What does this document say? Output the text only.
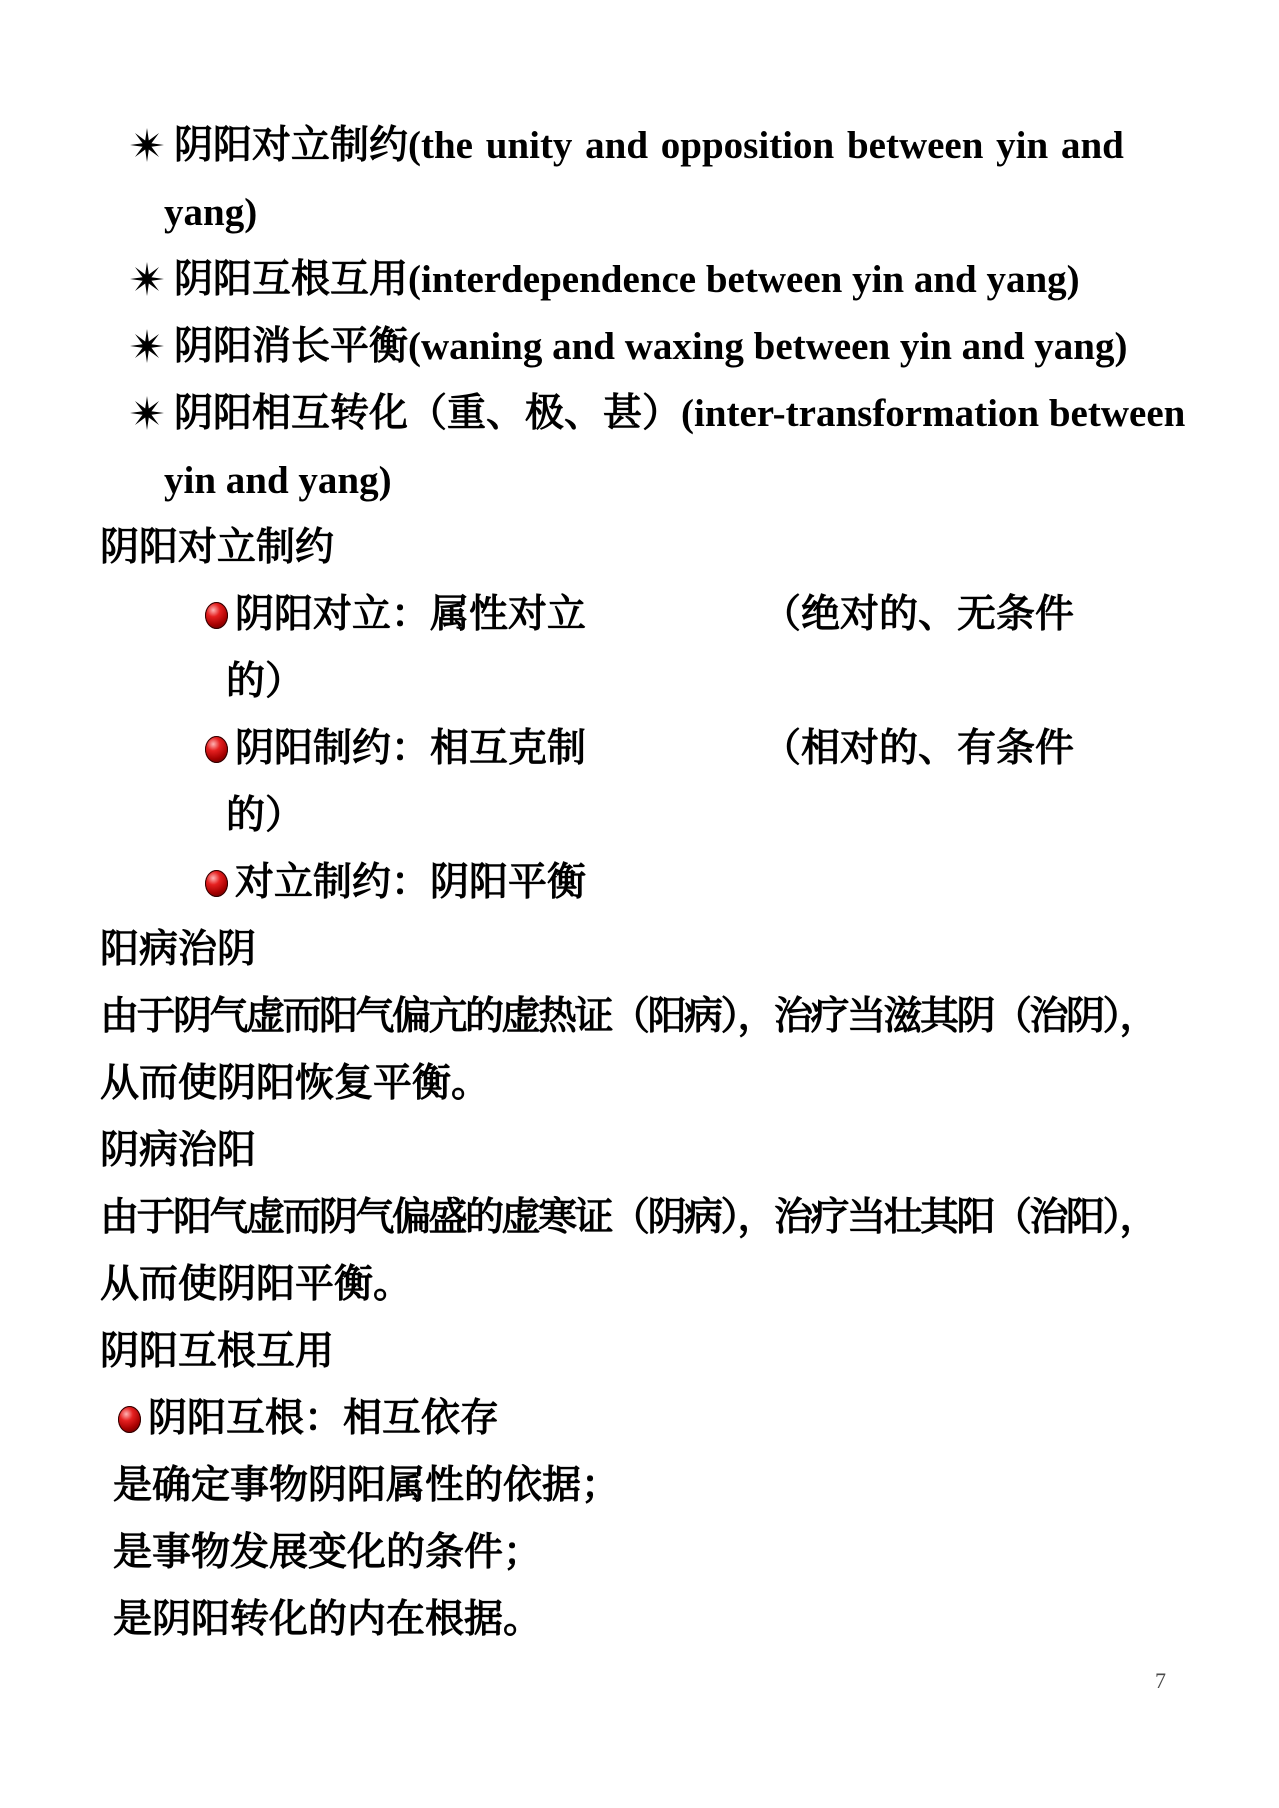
阴阳对立制约(the unity and opposition between yin and
yang)
阴阳互根互用(interdependence between yin and yang)
阴阳消长平衡(waning and waxing between yin and yang)
阴阳相互转化（重、极、甚）(inter-transformation between
yin and yang)
阴阳对立制约
阴阳对立：属性对立	（绝对的、无条件
的）
阴阳制约：相互克制	（相对的、有条件
的）
对立制约：阴阳平衡
阳病治阴
由于阴气虚而阳气偏亢的虚热证（阳病），治疗当滋其阴（治阴），
从而使阴阳恢复平衡。
阴病治阳
由于阳气虚而阴气偏盛的虚寒证（阴病），治疗当壮其阳（治阳），
从而使阴阳平衡。
阴阳互根互用
阴阳互根：相互依存
是确定事物阴阳属性的依据；
是事物发展变化的条件；
是阴阳转化的内在根据。
7
